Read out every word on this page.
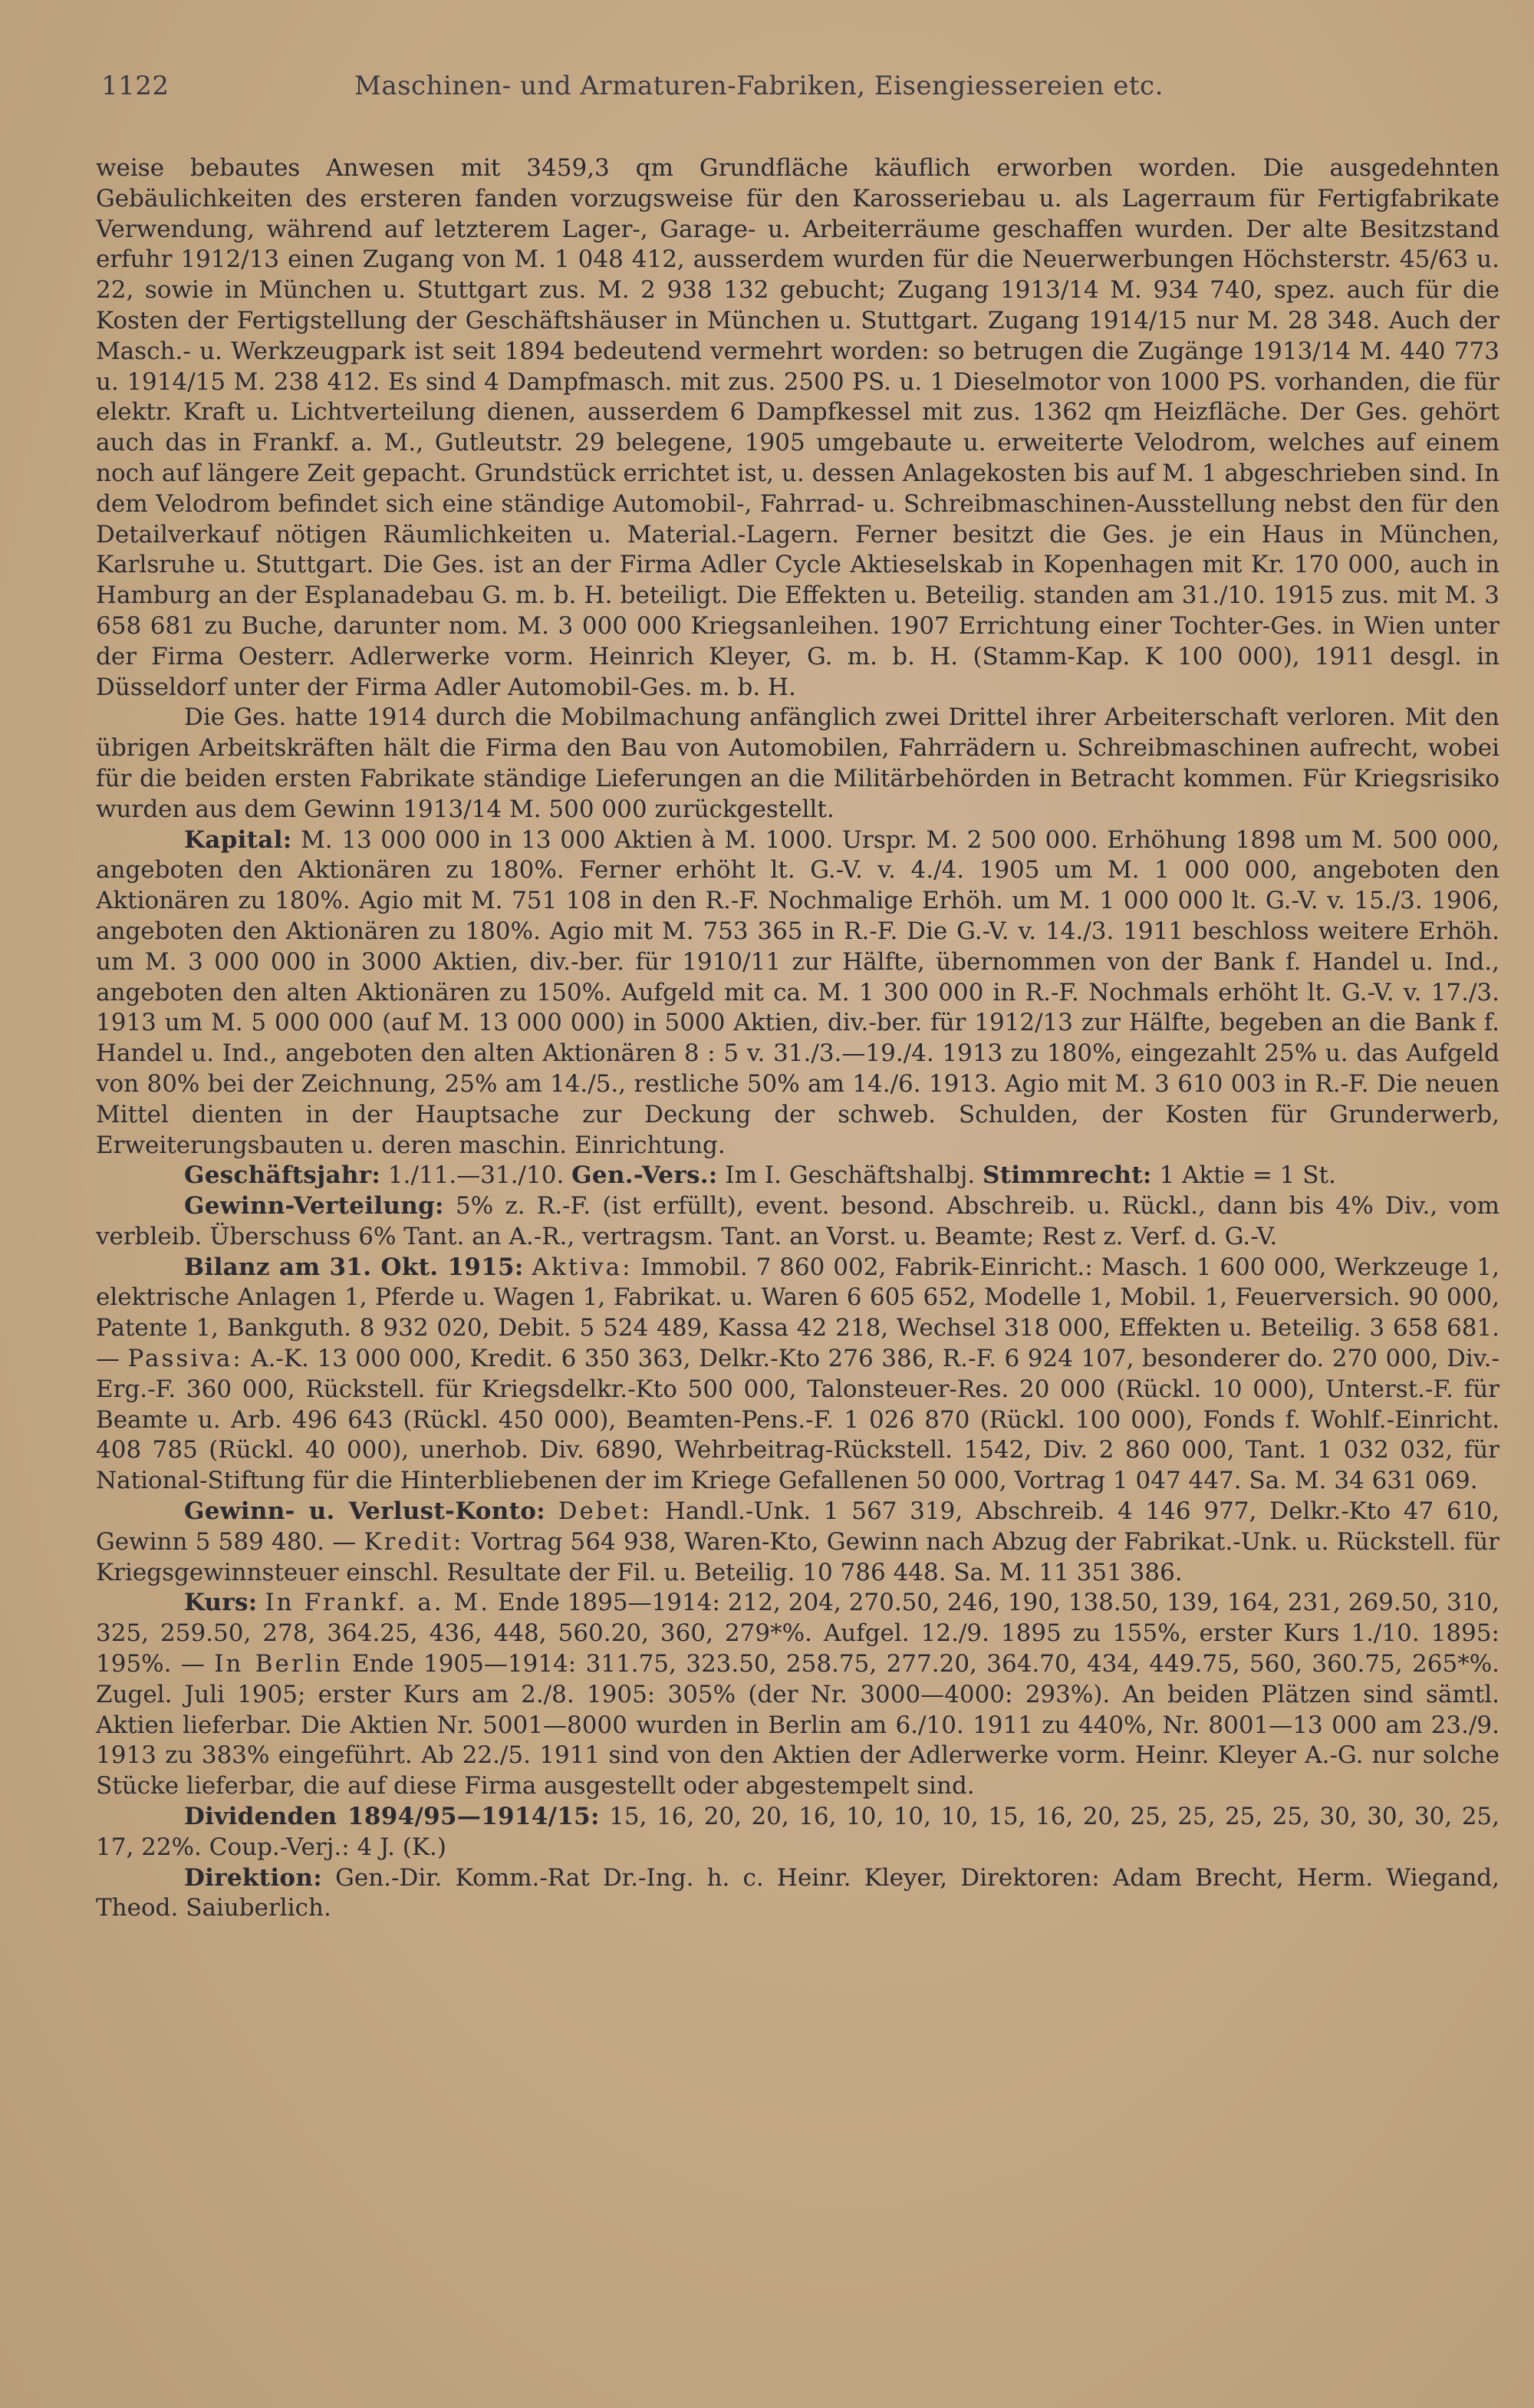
1122	Maschinen- und Armaturen-Fabriken, Eisengiessereien etc.

weise bebautes Anwesen mit 3459,3 qm Grundfläche käuflich erworben worden. Die ausgedehnten Gebäulichkeiten des ersteren fanden vorzugsweise für den Karosseriebau u. als Lagerraum für Fertigfabrikate Verwendung, während auf letzterem Lager-, Garage- u. Arbeiterräume geschaffen wurden. Der alte Besitzstand erfuhr 1912/13 einen Zugang von M. 1 048 412, ausserdem wurden für die Neuerwerbungen Höchsterstr. 45/63 u. 22, sowie in München u. Stuttgart zus. M. 2 938 132 gebucht; Zugang 1913/14 M. 934 740, spez. auch für die Kosten der Fertigstellung der Geschäftshäuser in München u. Stuttgart. Zugang 1914/15 nur M. 28 348. Auch der Masch.- u. Werkzeugpark ist seit 1894 bedeutend vermehrt worden: so betrugen die Zugänge 1913/14 M. 440 773 u. 1914/15 M. 238 412. Es sind 4 Dampfmasch. mit zus. 2500 PS. u. 1 Dieselmotor von 1000 PS. vorhanden, die für elektr. Kraft u. Lichtverteilung dienen, ausserdem 6 Dampfkessel mit zus. 1362 qm Heizfläche. Der Ges. gehört auch das in Frankf. a. M., Gutleutstr. 29 belegene, 1905 umgebaute u. erweiterte Velodrom, welches auf einem noch auf längere Zeit gepacht. Grundstück errichtet ist, u. dessen Anlagekosten bis auf M. 1 abgeschrieben sind. In dem Velodrom befindet sich eine ständige Automobil-, Fahrrad- u. Schreibmaschinen-Ausstellung nebst den für den Detailverkauf nötigen Räumlichkeiten u. Material.-Lagern. Ferner besitzt die Ges. je ein Haus in München, Karlsruhe u. Stuttgart. Die Ges. ist an der Firma Adler Cycle Aktieselskab in Kopenhagen mit Kr. 170 000, auch in Hamburg an der Esplanadebau G. m. b. H. beteiligt. Die Effekten u. Beteilig. standen am 31./10. 1915 zus. mit M. 3 658 681 zu Buche, darunter nom. M. 3 000 000 Kriegsanleihen. 1907 Errichtung einer Tochter-Ges. in Wien unter der Firma Oesterr. Adlerwerke vorm. Heinrich Kleyer, G. m. b. H. (Stamm-Kap. K 100 000), 1911 desgl. in Düsseldorf unter der Firma Adler Automobil-Ges. m. b. H.

Die Ges. hatte 1914 durch die Mobilmachung anfänglich zwei Drittel ihrer Arbeiterschaft verloren. Mit den übrigen Arbeitskräften hält die Firma den Bau von Automobilen, Fahrrädern u. Schreibmaschinen aufrecht, wobei für die beiden ersten Fabrikate ständige Lieferungen an die Militärbehörden in Betracht kommen. Für Kriegsrisiko wurden aus dem Gewinn 1913/14 M. 500 000 zurückgestellt.

Kapital: M. 13 000 000 in 13 000 Aktien à M. 1000. Urspr. M. 2 500 000. Erhöhung 1898 um M. 500 000, angeboten den Aktionären zu 180%. Ferner erhöht lt. G.-V. v. 4./4. 1905 um M. 1 000 000, angeboten den Aktionären zu 180%. Agio mit M. 751 108 in den R.-F. Nochmalige Erhöh. um M. 1 000 000 lt. G.-V. v. 15./3. 1906, angeboten den Aktionären zu 180%. Agio mit M. 753 365 in R.-F. Die G.-V. v. 14./3. 1911 beschloss weitere Erhöh. um M. 3 000 000 in 3000 Aktien, div.-ber. für 1910/11 zur Hälfte, übernommen von der Bank f. Handel u. Ind., angeboten den alten Aktionären zu 150%. Aufgeld mit ca. M. 1 300 000 in R.-F. Nochmals erhöht lt. G.-V. v. 17./3. 1913 um M. 5 000 000 (auf M. 13 000 000) in 5000 Aktien, div.-ber. für 1912/13 zur Hälfte, begeben an die Bank f. Handel u. Ind., angeboten den alten Aktionären 8 : 5 v. 31./3.—19./4. 1913 zu 180%, eingezahlt 25% u. das Aufgeld von 80% bei der Zeichnung, 25% am 14./5., restliche 50% am 14./6. 1913. Agio mit M. 3 610 003 in R.-F. Die neuen Mittel dienten in der Hauptsache zur Deckung der schweb. Schulden, der Kosten für Grunderwerb, Erweiterungsbauten u. deren maschin. Einrichtung.

Geschäftsjahr: 1./11.—31./10. Gen.-Vers.: Im I. Geschäftshalbj. Stimmrecht: 1 Aktie = 1 St.

Gewinn-Verteilung: 5% z. R.-F. (ist erfüllt), event. besond. Abschreib. u. Rückl., dann bis 4% Div., vom verbleib. Überschuss 6% Tant. an A.-R., vertragsm. Tant. an Vorst. u. Beamte; Rest z. Verf. d. G.-V.

Bilanz am 31. Okt. 1915: Aktiva: Immobil. 7 860 002, Fabrik-Einricht.: Masch. 1 600 000, Werkzeuge 1, elektrische Anlagen 1, Pferde u. Wagen 1, Fabrikat. u. Waren 6 605 652, Modelle 1, Mobil. 1, Feuerversich. 90 000, Patente 1, Bankguth. 8 932 020, Debit. 5 524 489, Kassa 42 218, Wechsel 318 000, Effekten u. Beteilig. 3 658 681. — Passiva: A.-K. 13 000 000, Kredit. 6 350 363, Delkr.-Kto 276 386, R.-F. 6 924 107, besonderer do. 270 000, Div.-Erg.-F. 360 000, Rückstell. für Kriegsdelkr.-Kto 500 000, Talonsteuer-Res. 20 000 (Rückl. 10 000), Unterst.-F. für Beamte u. Arb. 496 643 (Rückl. 450 000), Beamten-Pens.-F. 1 026 870 (Rückl. 100 000), Fonds f. Wohlf.-Einricht. 408 785 (Rückl. 40 000), unerhob. Div. 6890, Wehrbeitrag-Rückstell. 1542, Div. 2 860 000, Tant. 1 032 032, für National-Stiftung für die Hinterbliebenen der im Kriege Gefallenen 50 000, Vortrag 1 047 447. Sa. M. 34 631 069.

Gewinn- u. Verlust-Konto: Debet: Handl.-Unk. 1 567 319, Abschreib. 4 146 977, Delkr.-Kto 47 610, Gewinn 5 589 480. — Kredit: Vortrag 564 938, Waren-Kto, Gewinn nach Abzug der Fabrikat.-Unk. u. Rückstell. für Kriegsgewinnsteuer einschl. Resultate der Fil. u. Beteilig. 10 786 448. Sa. M. 11 351 386.

Kurs: In Frankf. a. M. Ende 1895—1914: 212, 204, 270.50, 246, 190, 138.50, 139, 164, 231, 269.50, 310, 325, 259.50, 278, 364.25, 436, 448, 560.20, 360, 279*%. Aufgel. 12./9. 1895 zu 155%, erster Kurs 1./10. 1895: 195%. — In Berlin Ende 1905—1914: 311.75, 323.50, 258.75, 277.20, 364.70, 434, 449.75, 560, 360.75, 265*%. Zugel. Juli 1905; erster Kurs am 2./8. 1905: 305% (der Nr. 3000—4000: 293%). An beiden Plätzen sind sämtl. Aktien lieferbar. Die Aktien Nr. 5001—8000 wurden in Berlin am 6./10. 1911 zu 440%, Nr. 8001—13 000 am 23./9. 1913 zu 383% eingeführt. Ab 22./5. 1911 sind von den Aktien der Adlerwerke vorm. Heinr. Kleyer A.-G. nur solche Stücke lieferbar, die auf diese Firma ausgestellt oder abgestempelt sind.

Dividenden 1894/95—1914/15: 15, 16, 20, 20, 16, 10, 10, 10, 15, 16, 20, 25, 25, 25, 25, 30, 30, 30, 25, 17, 22%. Coup.-Verj.: 4 J. (K.)

Direktion: Gen.-Dir. Komm.-Rat Dr.-Ing. h. c. Heinr. Kleyer, Direktoren: Adam Brecht, Herm. Wiegand, Theod. Saiuberlich.
